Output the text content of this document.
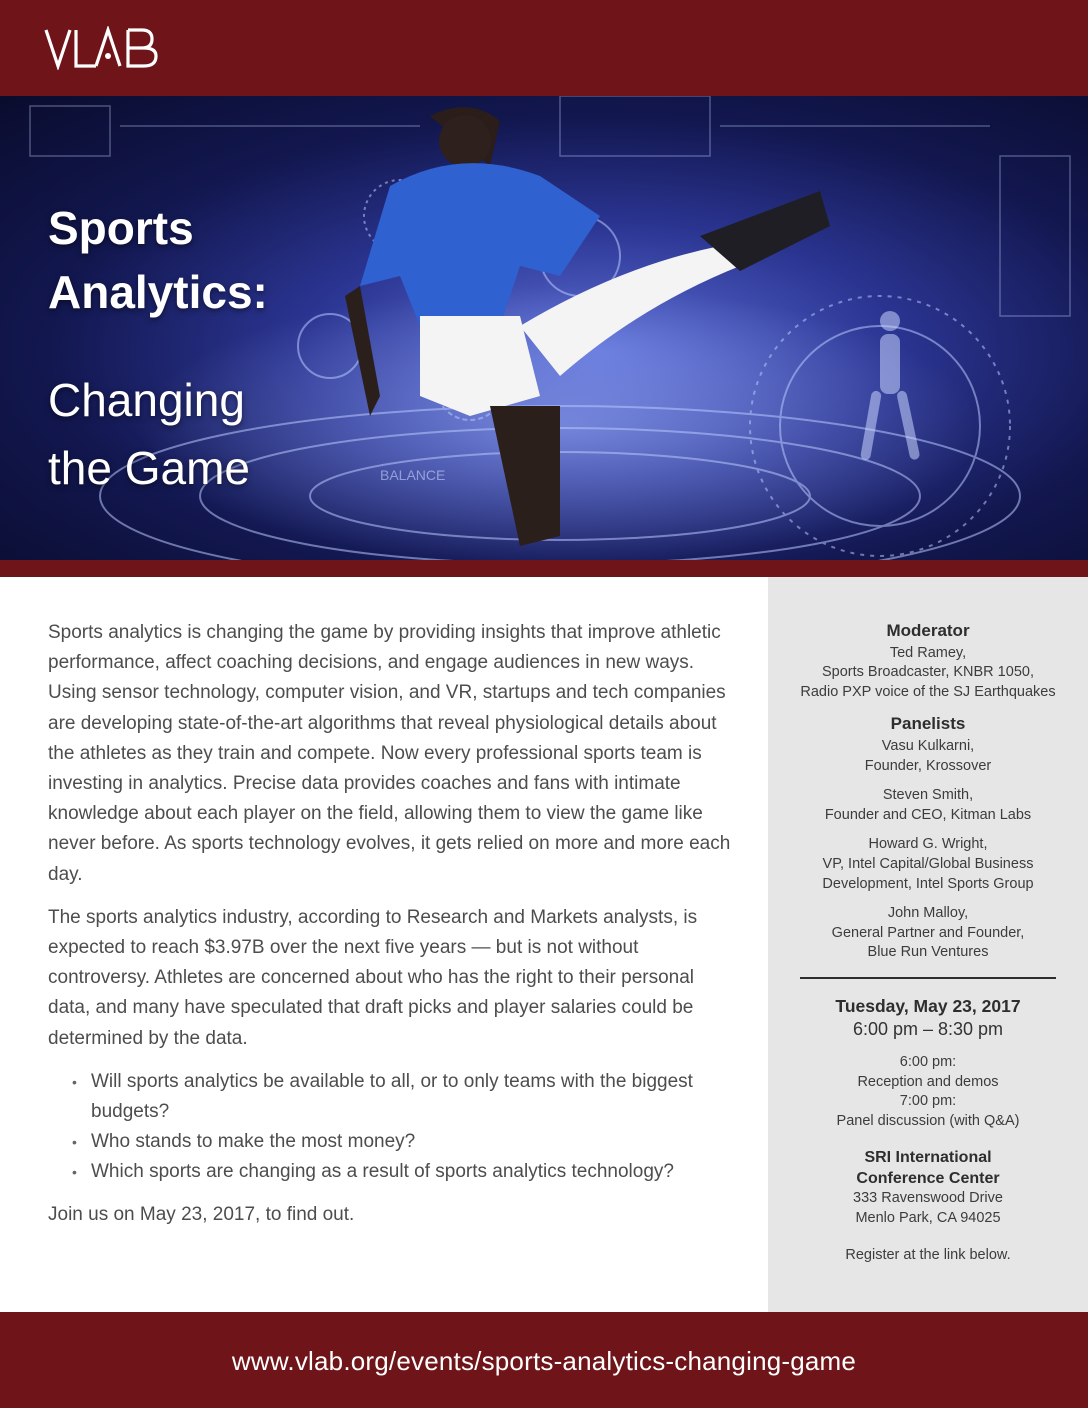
BALANCE
Sports
Analytics:
Changing
the Game

Sports analytics is changing the game by providing insights that improve athletic performance, affect coaching decisions, and engage audiences in new ways. Using sensor technology, computer vision, and VR, startups and tech companies are developing state-of-the-art algorithms that reveal physiological details about the athletes as they train and compete. Now every professional sports team is investing in analytics. Precise data provides coaches and fans with intimate knowledge about each player on the field, allowing them to view the game like never before. As sports technology evolves, it gets relied on more and more each day.

The sports analytics industry, according to Research and Markets analysts, is expected to reach $3.97B over the next five years — but is not without controversy. Athletes are concerned about who has the right to their personal data, and many have speculated that draft picks and player salaries could be determined by the data.

• Will sports analytics be available to all, or to only teams with the biggest budgets?
• Who stands to make the most money?
• Which sports are changing as a result of sports analytics technology?

Join us on May 23, 2017, to find out.

Moderator
Ted Ramey,
Sports Broadcaster, KNBR 1050,
Radio PXP voice of the SJ Earthquakes
Panelists
Vasu Kulkarni,
Founder, Krossover
Steven Smith,
Founder and CEO, Kitman Labs
Howard G. Wright,
VP, Intel Capital/Global Business
Development, Intel Sports Group
John Malloy,
General Partner and Founder,
Blue Run Ventures
Tuesday, May 23, 2017
6:00 pm – 8:30 pm
6:00 pm:
Reception and demos
7:00 pm:
Panel discussion (with Q&A)
SRI International
Conference Center
333 Ravenswood Drive
Menlo Park, CA 94025
Register at the link below.
www.vlab.org/events/sports-analytics-changing-game
